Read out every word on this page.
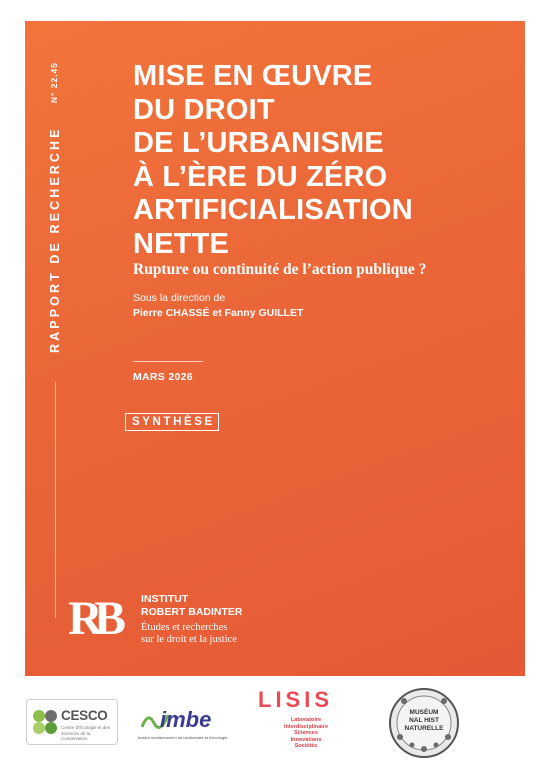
N° 22.45
RAPPORT DE RECHERCHE
MISE EN ŒUVRE
DU DROIT
DE L’URBANISME
À L’ÈRE DU ZÉRO
ARTIFICIALISATION
NETTE
Rupture ou continuité de l’action publique ?
Sous la direction de
Pierre CHASSÉ et Fanny GUILLET
MARS 2026
SYNTHÈSE
R
B INSTITUT
ROBERT BADINTER
Études et recherches
sur le droit et la justice
CESCO
Centre d’Écologie et des Sciences de la Conservation
imbe
Institut méditerranéen de biodiversité et d’écologie
LISIS
Laboratoire
Interdisciplinaire
Sciences
Innovations
Sociétés
MUSÉUM
NAL HIST
NATURELLE
